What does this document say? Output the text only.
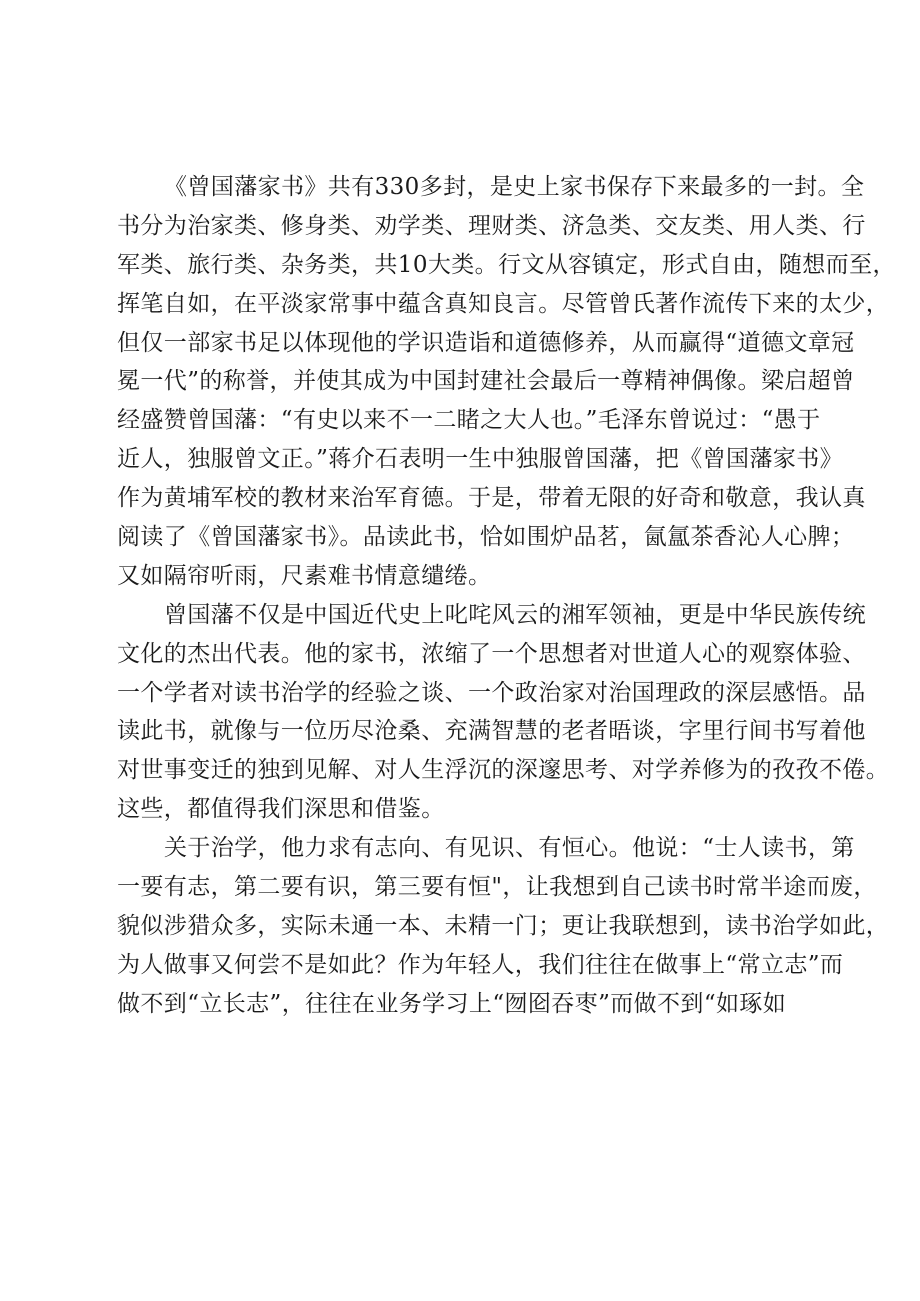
《曾国藩家书》共有330多封，是史上家书保存下来最多的一封。全
书分为治家类、修身类、劝学类、理财类、济急类、交友类、用人类、行
军类、旅行类、杂务类，共10大类。行文从容镇定，形式自由，随想而至，
挥笔自如，在平淡家常事中蕴含真知良言。尽管曾氏著作流传下来的太少，
但仅一部家书足以体现他的学识造诣和道德修养，从而赢得“道德文章冠
冕一代”的称誉，并使其成为中国封建社会最后一尊精神偶像。梁启超曾
经盛赞曾国藩：“有史以来不一二睹之大人也。”毛泽东曾说过：“愚于
近人，独服曾文正。”蒋介石表明一生中独服曾国藩，把《曾国藩家书》
作为黄埔军校的教材来治军育德。于是，带着无限的好奇和敬意，我认真
阅读了《曾国藩家书》。品读此书，恰如围炉品茗，氤氲茶香沁人心脾；
又如隔帘听雨，尺素难书情意缱绻。
曾国藩不仅是中国近代史上叱咤风云的湘军领袖，更是中华民族传统
文化的杰出代表。他的家书，浓缩了一个思想者对世道人心的观察体验、
一个学者对读书治学的经验之谈、一个政治家对治国理政的深层感悟。品
读此书，就像与一位历尽沧桑、充满智慧的老者晤谈，字里行间书写着他
对世事变迁的独到见解、对人生浮沉的深邃思考、对学养修为的孜孜不倦。
这些，都值得我们深思和借鉴。
关于治学，他力求有志向、有见识、有恒心。他说：“士人读书，第
一要有志，第二要有识，第三要有恒"，让我想到自己读书时常半途而废，
貌似涉猎众多，实际未通一本、未精一门；更让我联想到，读书治学如此，
为人做事又何尝不是如此？作为年轻人，我们往往在做事上“常立志”而
做不到“立长志”，往往在业务学习上“囫囵吞枣”而做不到“如琢如
